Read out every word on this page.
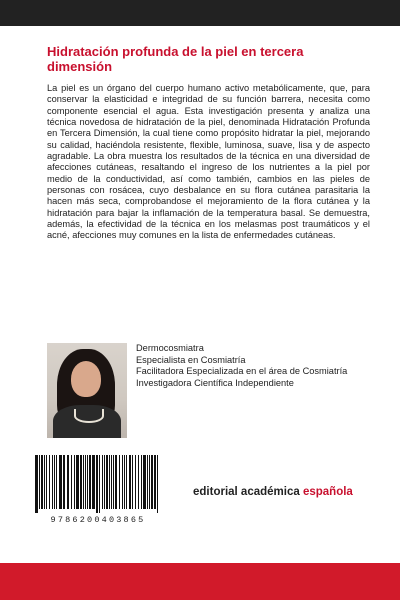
Hidratación profunda de la piel en tercera dimensión

La piel es un órgano del cuerpo humano activo metabólicamente, que, para conservar la elasticidad e integridad de su función barrera, necesita como componente esencial el agua. Esta investigación presenta y analiza una técnica novedosa de hidratación de la piel, denominada Hidratación Profunda en Tercera Dimensión, la cual tiene como propósito hidratar la piel, mejorando su calidad, haciéndola resistente, flexible, luminosa, suave, lisa y de aspecto agradable. La obra muestra los resultados de la técnica en una diversidad de afecciones cutáneas, resaltando el ingreso de los nutrientes a la piel por medio de la conductividad, así como también, cambios en las pieles de personas con rosácea, cuyo desbalance en su flora cutánea parasitaria la hacen más seca, comprobandose el mejoramiento de la flora cutánea y la hidratación para bajar la inflamación de la temperatura basal. Se demuestra, además, la efectividad de la técnica en los melasmas post traumáticos y el acné, afecciones muy comunes en la lista de enfermedades cutáneas.

Dermocosmiatra
Especialista en Cosmiatría
Facilitadora Especializada en el área de Cosmiatría
Investigadora Científica Independiente
9786200403865
editorial académica española
